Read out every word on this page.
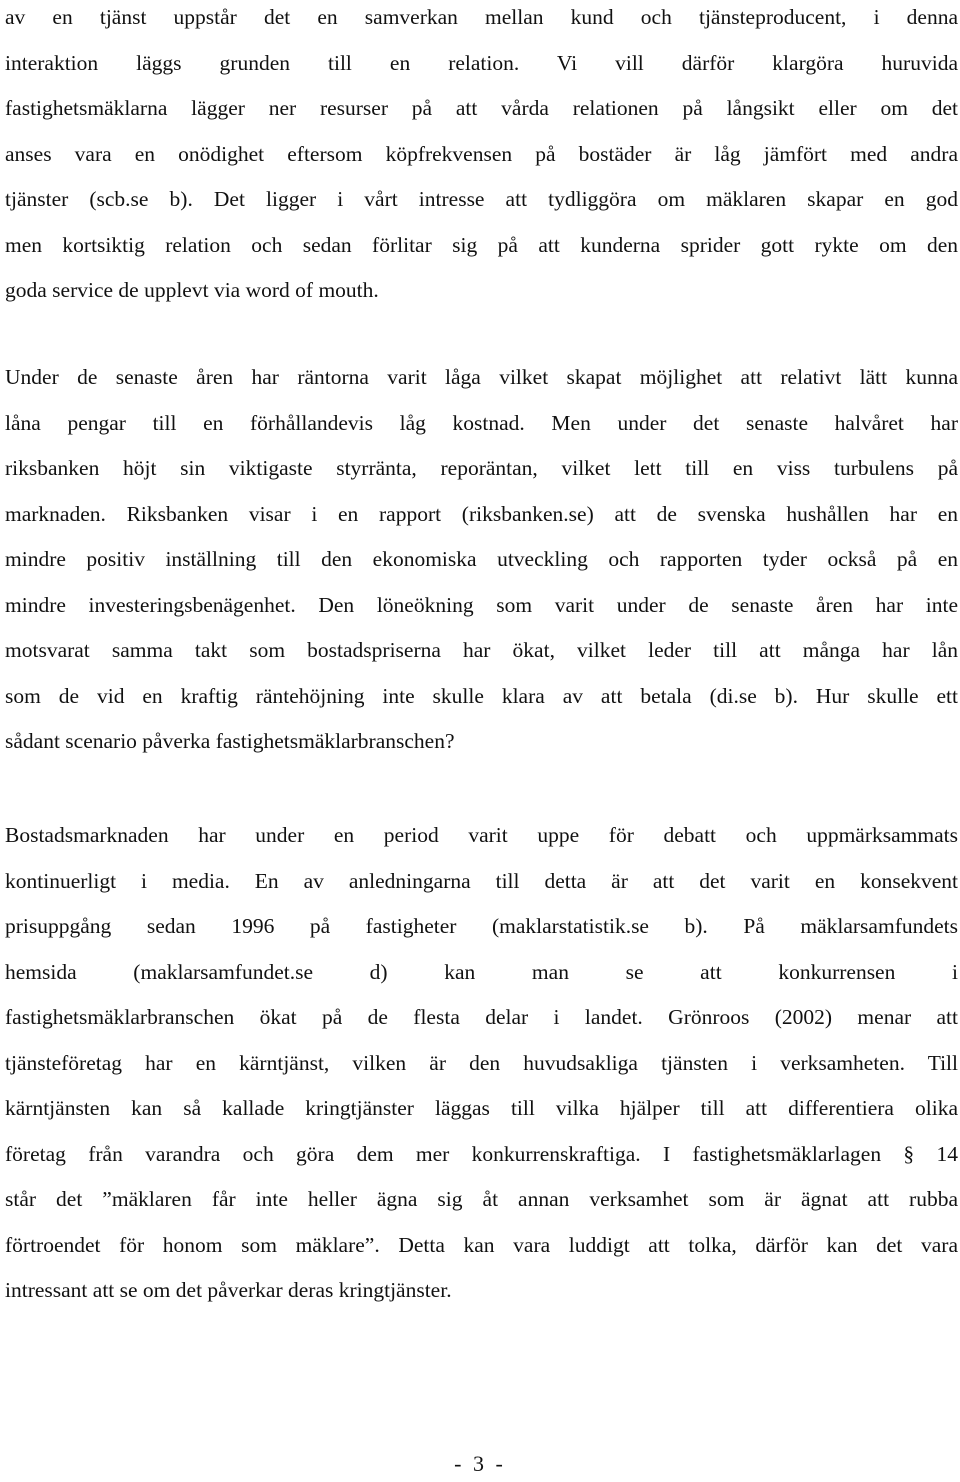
av en tjänst uppstår det en samverkan mellan kund och tjänsteproducent, i denna
interaktion läggs grunden till en relation. Vi vill därför klargöra huruvida
fastighetsmäklarna lägger ner resurser på att vårda relationen på långsikt eller om det
anses vara en onödighet eftersom köpfrekvensen på bostäder är låg jämfört med andra
tjänster (scb.se b). Det ligger i vårt intresse att tydliggöra om mäklaren skapar en god
men kortsiktig relation och sedan förlitar sig på att kunderna sprider gott rykte om den
goda service de upplevt via word of mouth.
Under de senaste åren har räntorna varit låga vilket skapat möjlighet att relativt lätt kunna
låna pengar till en förhållandevis låg kostnad. Men under det senaste halvåret har
riksbanken höjt sin viktigaste styrränta, reporäntan, vilket lett till en viss turbulens på
marknaden. Riksbanken visar i en rapport (riksbanken.se) att de svenska hushållen har en
mindre positiv inställning till den ekonomiska utveckling och rapporten tyder också på en
mindre investeringsbenägenhet. Den löneökning som varit under de senaste åren har inte
motsvarat samma takt som bostadspriserna har ökat, vilket leder till att många har lån
som de vid en kraftig räntehöjning inte skulle klara av att betala (di.se b). Hur skulle ett
sådant scenario påverka fastighetsmäklarbranschen?
Bostadsmarknaden har under en period varit uppe för debatt och uppmärksammats
kontinuerligt i media. En av anledningarna till detta är att det varit en konsekvent
prisuppgång sedan 1996 på fastigheter (maklarstatistik.se b). På mäklarsamfundets
hemsida (maklarsamfundet.se d) kan man se att konkurrensen i
fastighetsmäklarbranschen ökat på de flesta delar i landet. Grönroos (2002) menar att
tjänsteföretag har en kärntjänst, vilken är den huvudsakliga tjänsten i verksamheten. Till
kärntjänsten kan så kallade kringtjänster läggas till vilka hjälper till att differentiera olika
företag från varandra och göra dem mer konkurrenskraftiga. I fastighetsmäklarlagen § 14
står det ”mäklaren får inte heller ägna sig åt annan verksamhet som är ägnat att rubba
förtroendet för honom som mäklare”. Detta kan vara luddigt att tolka, därför kan det vara
intressant att se om det påverkar deras kringtjänster.
- 3 -
